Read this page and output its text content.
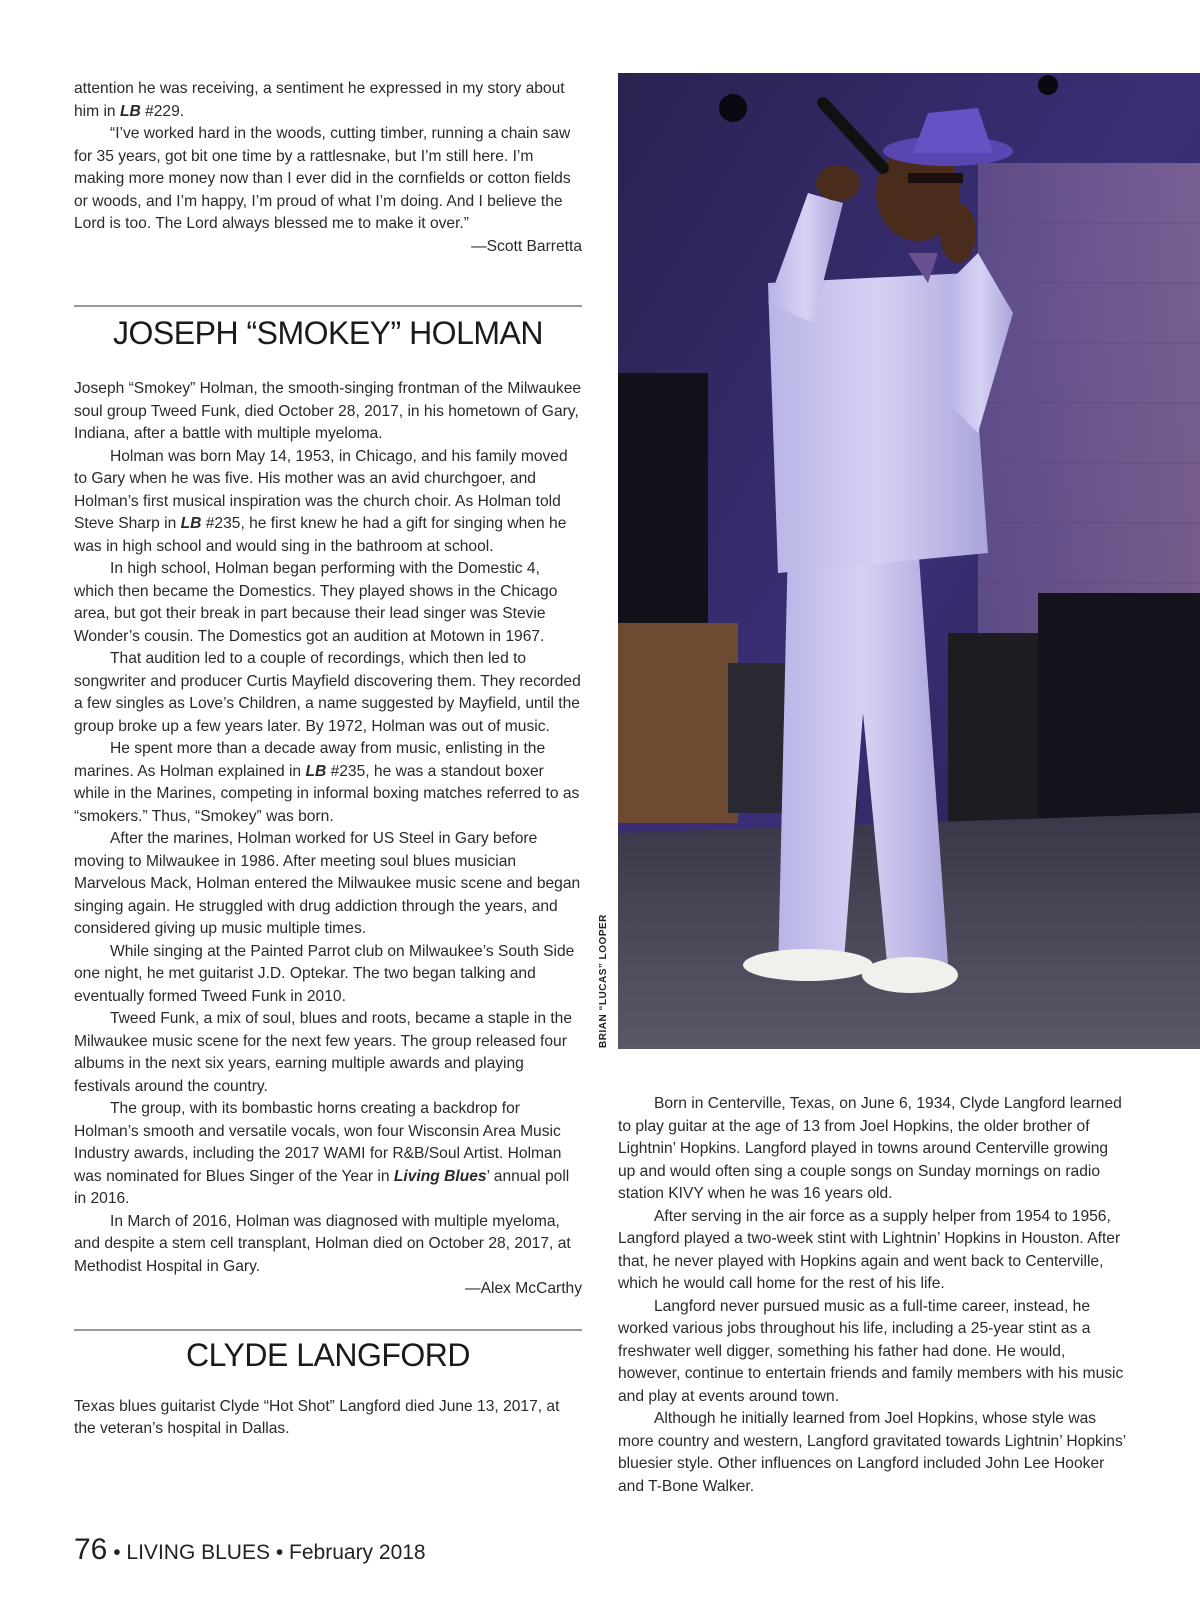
attention he was receiving, a sentiment he expressed in my story about him in LB #229.

“I’ve worked hard in the woods, cutting timber, running a chain saw for 35 years, got bit one time by a rattlesnake, but I’m still here. I’m making more money now than I ever did in the cornfields or cotton fields or woods, and I’m happy, I’m proud of what I’m doing. And I believe the Lord is too. The Lord always blessed me to make it over.”

—Scott Barretta

JOSEPH “SMOKEY” HOLMAN

Joseph “Smokey” Holman, the smooth-singing frontman of the Milwaukee soul group Tweed Funk, died October 28, 2017, in his hometown of Gary, Indiana, after a battle with multiple myeloma.

Holman was born May 14, 1953, in Chicago, and his family moved to Gary when he was five. His mother was an avid churchgoer, and Holman’s first musical inspiration was the church choir. As Holman told Steve Sharp in LB #235, he first knew he had a gift for singing when he was in high school and would sing in the bathroom at school.

In high school, Holman began performing with the Domestic 4, which then became the Domestics. They played shows in the Chicago area, but got their break in part because their lead singer was Stevie Wonder’s cousin. The Domestics got an audition at Motown in 1967.

That audition led to a couple of recordings, which then led to songwriter and producer Curtis Mayfield discovering them. They recorded a few singles as Love’s Children, a name suggested by Mayfield, until the group broke up a few years later. By 1972, Holman was out of music.

He spent more than a decade away from music, enlisting in the marines. As Holman explained in LB #235, he was a standout boxer while in the Marines, competing in informal boxing matches referred to as “smokers.” Thus, “Smokey” was born.

After the marines, Holman worked for US Steel in Gary before moving to Milwaukee in 1986. After meeting soul blues musician Marvelous Mack, Holman entered the Milwaukee music scene and began singing again. He struggled with drug addiction through the years, and considered giving up music multiple times.

While singing at the Painted Parrot club on Milwaukee’s South Side one night, he met guitarist J.D. Optekar. The two began talking and eventually formed Tweed Funk in 2010.

Tweed Funk, a mix of soul, blues and roots, became a staple in the Milwaukee music scene for the next few years. The group released four albums in the next six years, earning multiple awards and playing festivals around the country.

The group, with its bombastic horns creating a backdrop for Holman’s smooth and versatile vocals, won four Wisconsin Area Music Industry awards, including the 2017 WAMI for R&B/Soul Artist. Holman was nominated for Blues Singer of the Year in Living Blues’ annual poll in 2016.

In March of 2016, Holman was diagnosed with multiple myeloma, and despite a stem cell transplant, Holman died on October 28, 2017, at Methodist Hospital in Gary.

—Alex McCarthy

CLYDE LANGFORD

Texas blues guitarist Clyde “Hot Shot” Langford died June 13, 2017, at the veteran’s hospital in Dallas.

BRIAN “LUCAS” LOOPER

Born in Centerville, Texas, on June 6, 1934, Clyde Langford learned to play guitar at the age of 13 from Joel Hopkins, the older brother of Lightnin’ Hopkins. Langford played in towns around Centerville growing up and would often sing a couple songs on Sunday mornings on radio station KIVY when he was 16 years old.

After serving in the air force as a supply helper from 1954 to 1956, Langford played a two-week stint with Lightnin’ Hopkins in Houston. After that, he never played with Hopkins again and went back to Centerville, which he would call home for the rest of his life.

Langford never pursued music as a full-time career, instead, he worked various jobs throughout his life, including a 25-year stint as a freshwater well digger, something his father had done. He would, however, continue to entertain friends and family members with his music and play at events around town.

Although he initially learned from Joel Hopkins, whose style was more country and western, Langford gravitated towards Lightnin’ Hopkins’ bluesier style. Other influences on Langford included John Lee Hooker and T-Bone Walker.

76 • LIVING BLUES • February 2018
